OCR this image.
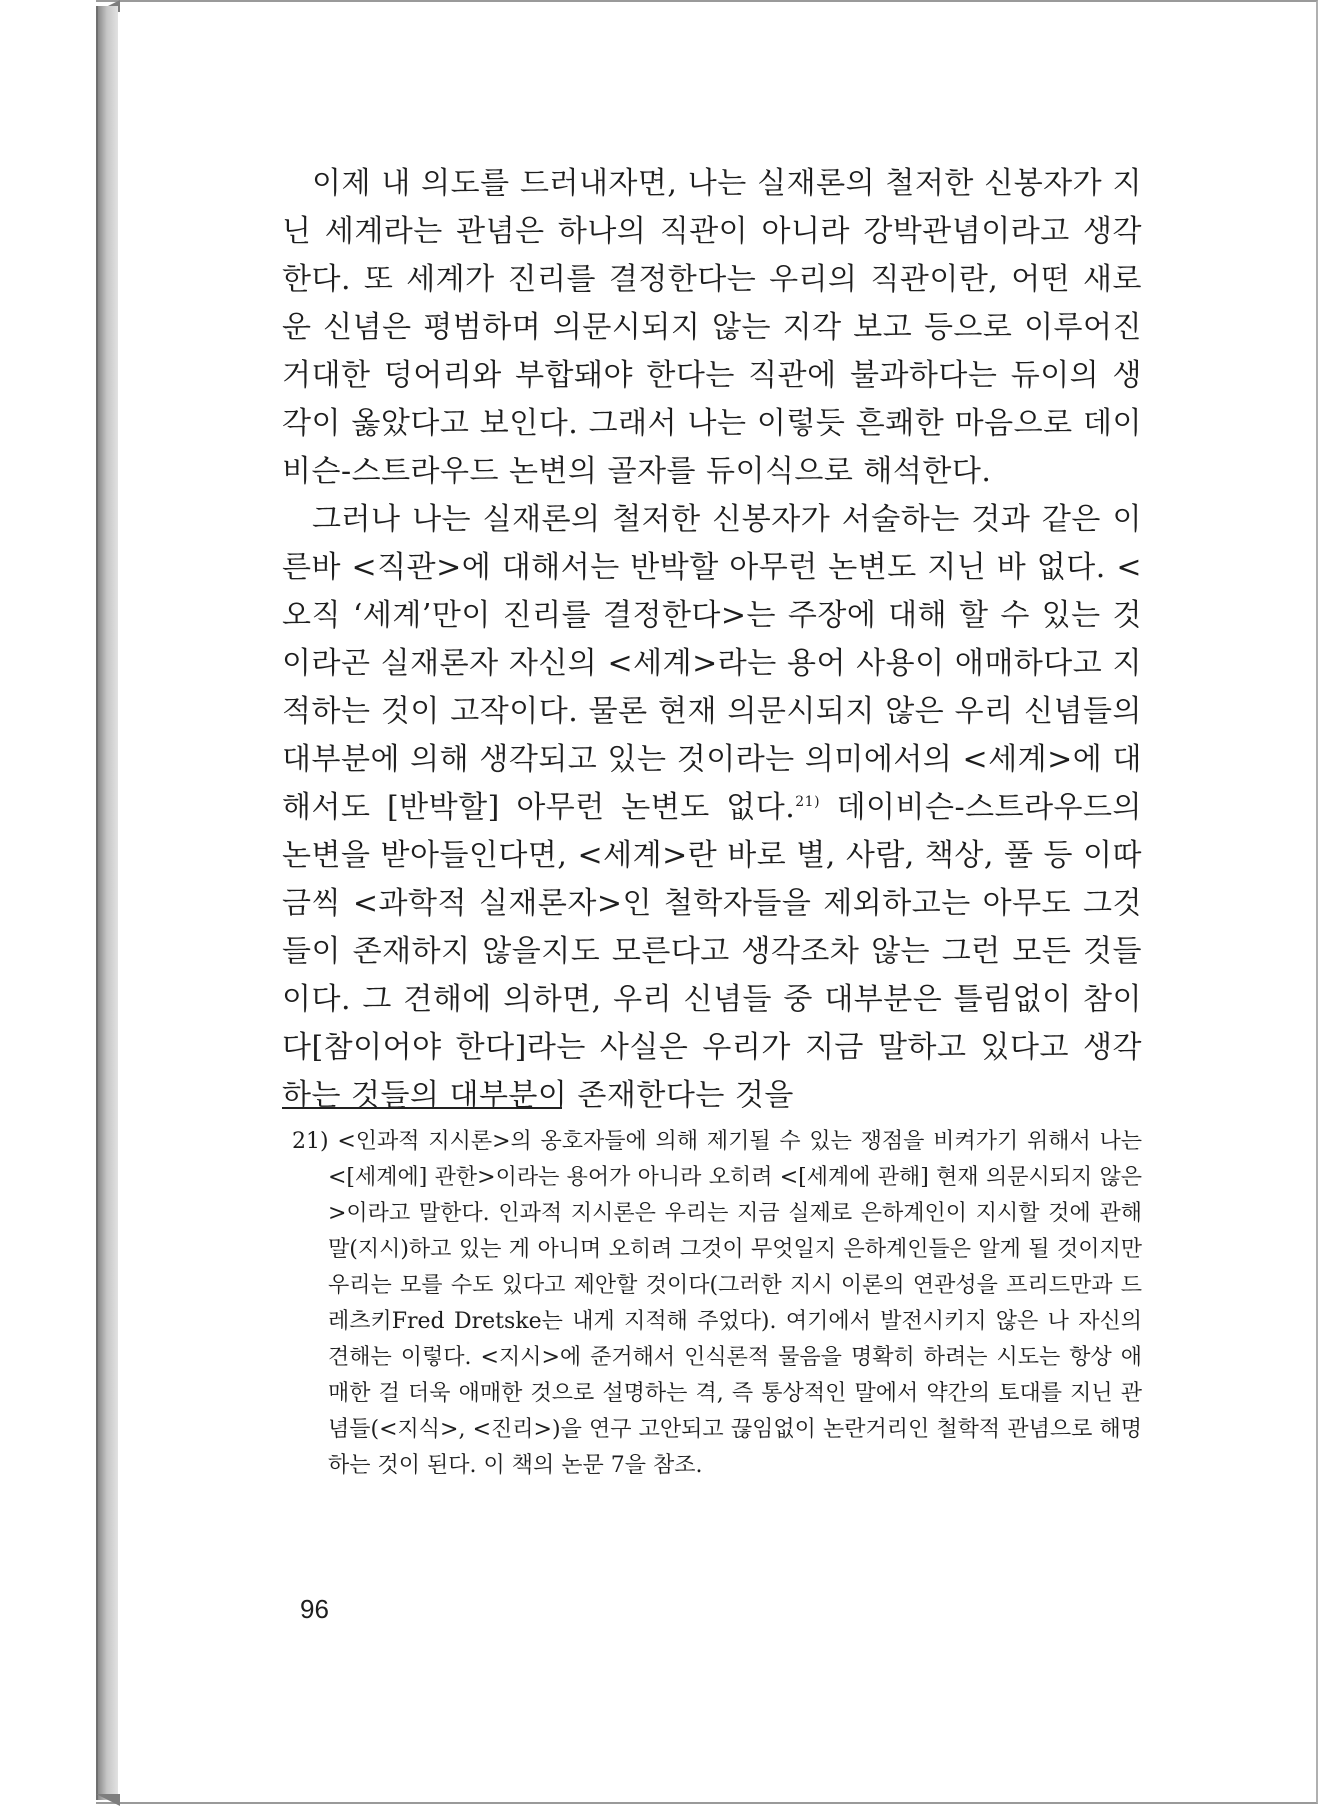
이제 내 의도를 드러내자면, 나는 실재론의 철저한 신봉자가 지닌 세계라는 관념은 하나의 직관이 아니라 강박관념이라고 생각한다. 또 세계가 진리를 결정한다는 우리의 직관이란, 어떤 새로운 신념은 평범하며 의문시되지 않는 지각 보고 등으로 이루어진 거대한 덩어리와 부합돼야 한다는 직관에 불과하다는 듀이의 생각이 옳았다고 보인다. 그래서 나는 이렇듯 흔쾌한 마음으로 데이비슨-스트라우드 논변의 골자를 듀이식으로 해석한다.

그러나 나는 실재론의 철저한 신봉자가 서술하는 것과 같은 이른바 <직관>에 대해서는 반박할 아무런 논변도 지닌 바 없다. <오직 ‘세계’만이 진리를 결정한다>는 주장에 대해 할 수 있는 것이라곤 실재론자 자신의 <세계>라는 용어 사용이 애매하다고 지적하는 것이 고작이다. 물론 현재 의문시되지 않은 우리 신념들의 대부분에 의해 생각되고 있는 것이라는 의미에서의 <세계>에 대해서도 [반박할] 아무런 논변도 없다.$^{21)}$ 데이비슨-스트라우드의 논변을 받아들인다면, <세계>란 바로 별, 사람, 책상, 풀 등 이따금씩 <과학적 실재론자>인 철학자들을 제외하고는 아무도 그것들이 존재하지 않을지도 모른다고 생각조차 않는 그런 모든 것들이다. 그 견해에 의하면, 우리 신념들 중 대부분은 틀림없이 참이다[참이어야 한다]라는 사실은 우리가 지금 말하고 있다고 생각하는 것들의 대부분이 존재한다는 것을

21) <인과적 지시론>의 옹호자들에 의해 제기될 수 있는 쟁점을 비켜가기 위해서 나는 <[세계에] 관한>이라는 용어가 아니라 오히려 <[세계에 관해] 현재 의문시되지 않은>이라고 말한다. 인과적 지시론은 우리는 지금 실제로 은하계인이 지시할 것에 관해 말(지시)하고 있는 게 아니며 오히려 그것이 무엇일지 은하계인들은 알게 될 것이지만 우리는 모를 수도 있다고 제안할 것이다(그러한 지시 이론의 연관성을 프리드만과 드레츠키Fred Dretske는 내게 지적해 주었다). 여기에서 발전시키지 않은 나 자신의 견해는 이렇다. <지시>에 준거해서 인식론적 물음을 명확히 하려는 시도는 항상 애매한 걸 더욱 애매한 것으로 설명하는 격, 즉 통상적인 말에서 약간의 토대를 지닌 관념들(<지식>, <진리>)을 연구 고안되고 끊임없이 논란거리인 철학적 관념으로 해명하는 것이 된다. 이 책의 논문 7을 참조.
96
